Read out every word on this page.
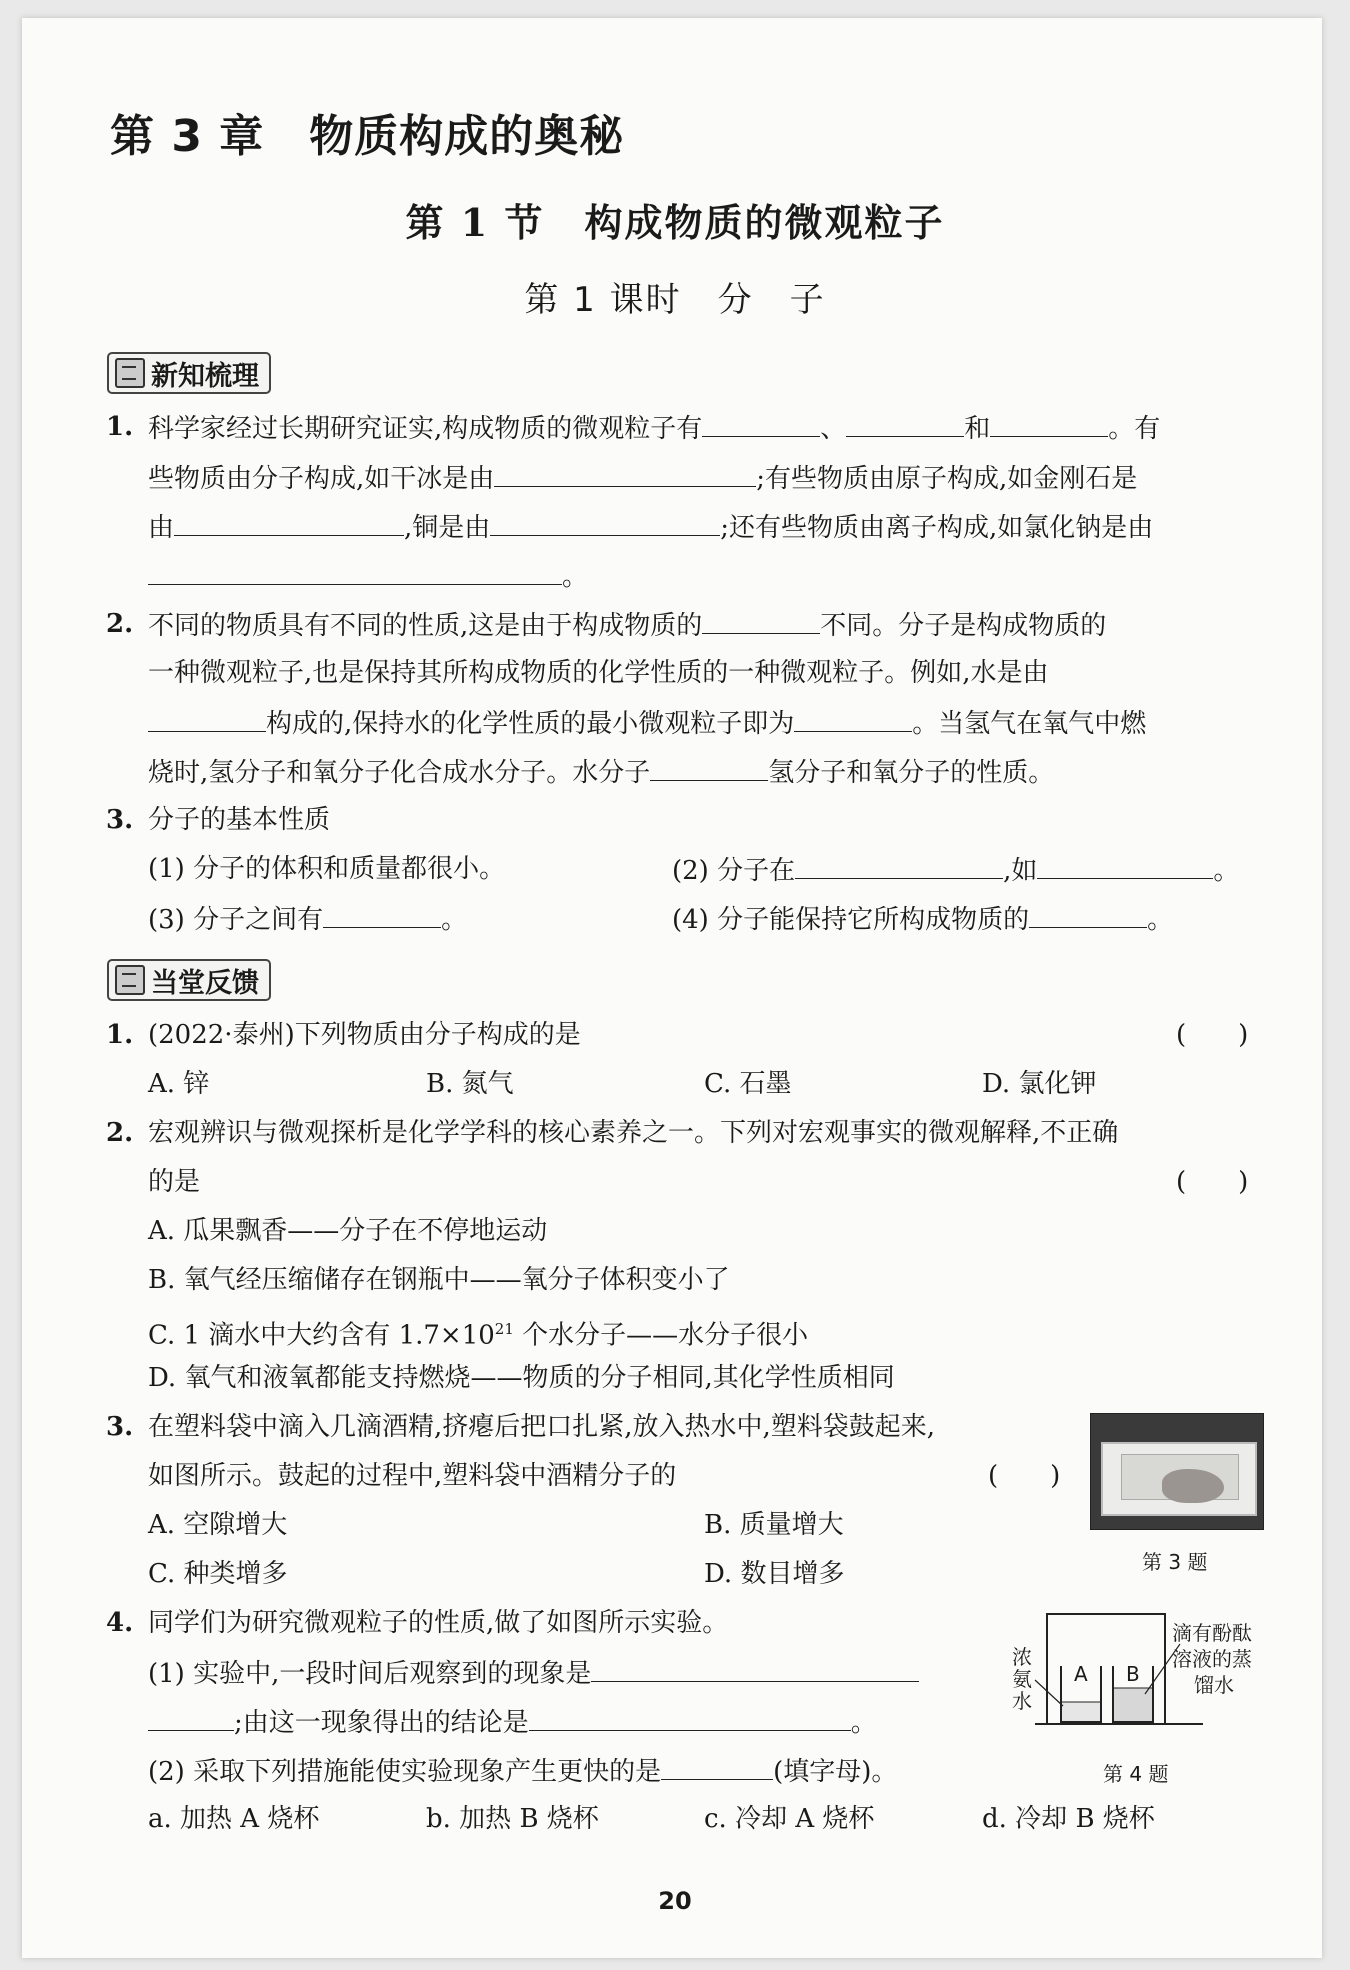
第 3 章　物质构成的奥秘
第 1 节　构成物质的微观粒子
第 1 课时　分　子
新知梳理
1. 科学家经过长期研究证实,构成物质的微观粒子有	、	和	。有
些物质由分子构成,如干冰是由	;有些物质由原子构成,如金刚石是
由	,铜是由	;还有些物质由离子构成,如氯化钠是由
。
2. 不同的物质具有不同的性质,这是由于构成物质的	不同。分子是构成物质的
一种微观粒子,也是保持其所构成物质的化学性质的一种微观粒子。例如,水是由
构成的,保持水的化学性质的最小微观粒子即为	。当氢气在氧气中燃
烧时,氢分子和氧分子化合成水分子。水分子	氢分子和氧分子的性质。
3. 分子的基本性质
(1) 分子的体积和质量都很小。	(2) 分子在	,如	。
(3) 分子之间有	。	(4) 分子能保持它所构成物质的	。
当堂反馈
1. (2022·泰州)下列物质由分子构成的是	(　　)
A. 锌	B. 氮气	C. 石墨	D. 氯化钾
2. 宏观辨识与微观探析是化学学科的核心素养之一。下列对宏观事实的微观解释,不正确
的是	(　　)
A. 瓜果飘香——分子在不停地运动
B. 氧气经压缩储存在钢瓶中——氧分子体积变小了
C. 1 滴水中大约含有 $1.7\times 10^{21}$ 个水分子——水分子很小
D. 氧气和液氧都能支持燃烧——物质的分子相同,其化学性质相同
3. 在塑料袋中滴入几滴酒精,挤瘪后把口扎紧,放入热水中,塑料袋鼓起来,
如图所示。鼓起的过程中,塑料袋中酒精分子的	(　　)
A. 空隙增大	B. 质量增大
C. 种类增多	D. 数目增多	第 3 题
4. 同学们为研究微观粒子的性质,做了如图所示实验。
(1) 实验中,一段时间后观察到的现象是
;由这一现象得出的结论是	。
(2) 采取下列措施能使实验现象产生更快的是	(填字母)。
a. 加热 A 烧杯	b. 加热 B 烧杯	c. 冷却 A 烧杯	d. 冷却 B 烧杯
浓
氨
水
A B
滴有酚酞
溶液的蒸
馏水
第 4 题
20
